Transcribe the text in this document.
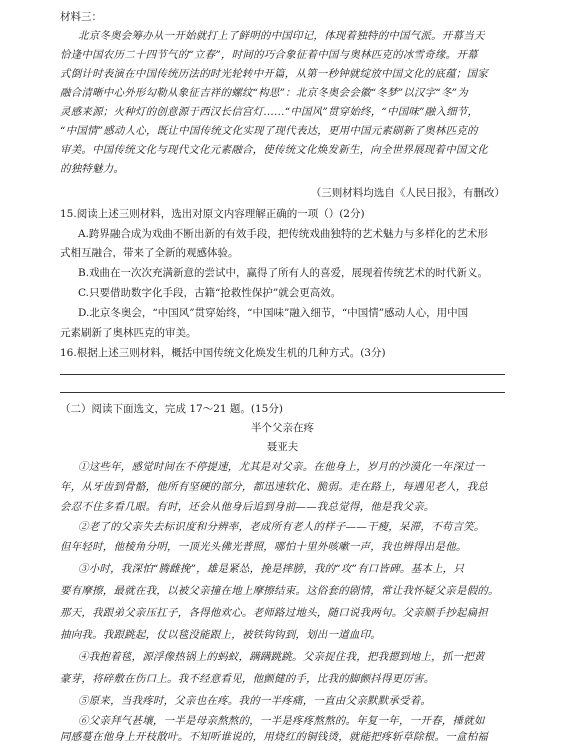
材料三：
北京冬奥会筹办从一开始就打上了鲜明的中国印记，体现着独特的中国气派。开幕当天
恰逢中国农历二十四节气的“立春”，时间的巧合象征着中国与奥林匹克的冰雪奇缘。开幕
式倒计时表演在中国传统历法的时光轮转中开篇，从第一秒钟就绽放中国文化的底蕴；国家
融合清晰中心外形勾勒从象征吉祥的螺纹“构思”：北京冬奥会会徽“冬梦”以汉字“冬”为
灵感来源；火种灯的创意源于西汉长信宫灯……“中国风”贯穿始终，“中国味”融入细节，
“中国情”感动人心，既让中国传统文化实现了现代表达，更用中国元素刷新了奥林匹克的
审美。中国传统文化与现代文化元素融合，使传统文化焕发新生，向全世界展现着中国文化
的独特魅力。
（三则材料均选自《人民日报》，有删改）
15.阅读上述三则材料，选出对原文内容理解正确的一项（）(2分)
A.跨界融合成为戏曲不断出新的有效手段，把传统戏曲独特的艺术魅力与多样化的艺术形
式相互融合，带来了全新的观感体验。
B.戏曲在一次次充满新意的尝试中，赢得了所有人的喜爱，展现着传统艺术的时代新义。
C.只要借助数字化手段，古籍“抢救性保护”就会更高效。
D.北京冬奥会，“中国风”贯穿始终，“中国味”融入细节，“中国情”感动人心，用中国
元素刷新了奥林匹克的审美。
16.根据上述三则材料，概括中国传统文化焕发生机的几种方式。(3分)
（二）阅读下面选文，完成 17～21 题。(15分)
半个父亲在疼
聂亚夫
①这些年，感觉时间在不停提速，尤其是对父亲。在他身上，岁月的沙漠化一年深过一
年，从牙齿到骨骼，他所有坚硬的部分，都迅速软化、脆弱。走在路上，每遇见老人，我总
会忍不住多看几眼。有时，还会从他身后追到身前——我总觉得，他是我父亲。
②老了的父亲失去标识度和分辨率，老成所有老人的样子——干瘦，呆滞，不苟言笑。
但年轻时，他棱角分明，一顶光头佛光普照，哪怕十里外咳嗽一声，我也辨得出是他。
③小时，我深怕“腾雌挽”，雄是紧怂，挽是摔膀，我的“攻”有口皆碑。基本上，只
要有摩擦，最就在我，以被父亲撞在地上摩擦结束。这俗套的剧情，常让我怀疑父亲是假的。
那天，我跟弟父亲压扛子，各得他欢心。老师路过地头，随口说我两句。父亲顺手抄起扁担
抽向我。我跟跳起，仗以毯没能跟上，被铁钩钩到，划出一道血印。
④我抱着毯，源浮像热锅上的蚂蚁，蹒蹒跳跳。父亲捉住我，把我摁到地上，抓一把黄
豪芽，将碎敷在伤口上。我不经意看见，他颤健的手，比我的脚颤抖得更厉害。
⑤原来，当我疼时，父亲也在疼。我的一半疼痛，一直由父亲默默承受着。
⑥父亲拜气甚壤，一半是母亲熬熬的，一半是疼疼熬熬的。年复一年，一开春，捶就如
同感蔓在他身上开枝散叶。不知听谁说的，用烧红的铜钱烫，就能把疼斩草除根。一盒柏福
